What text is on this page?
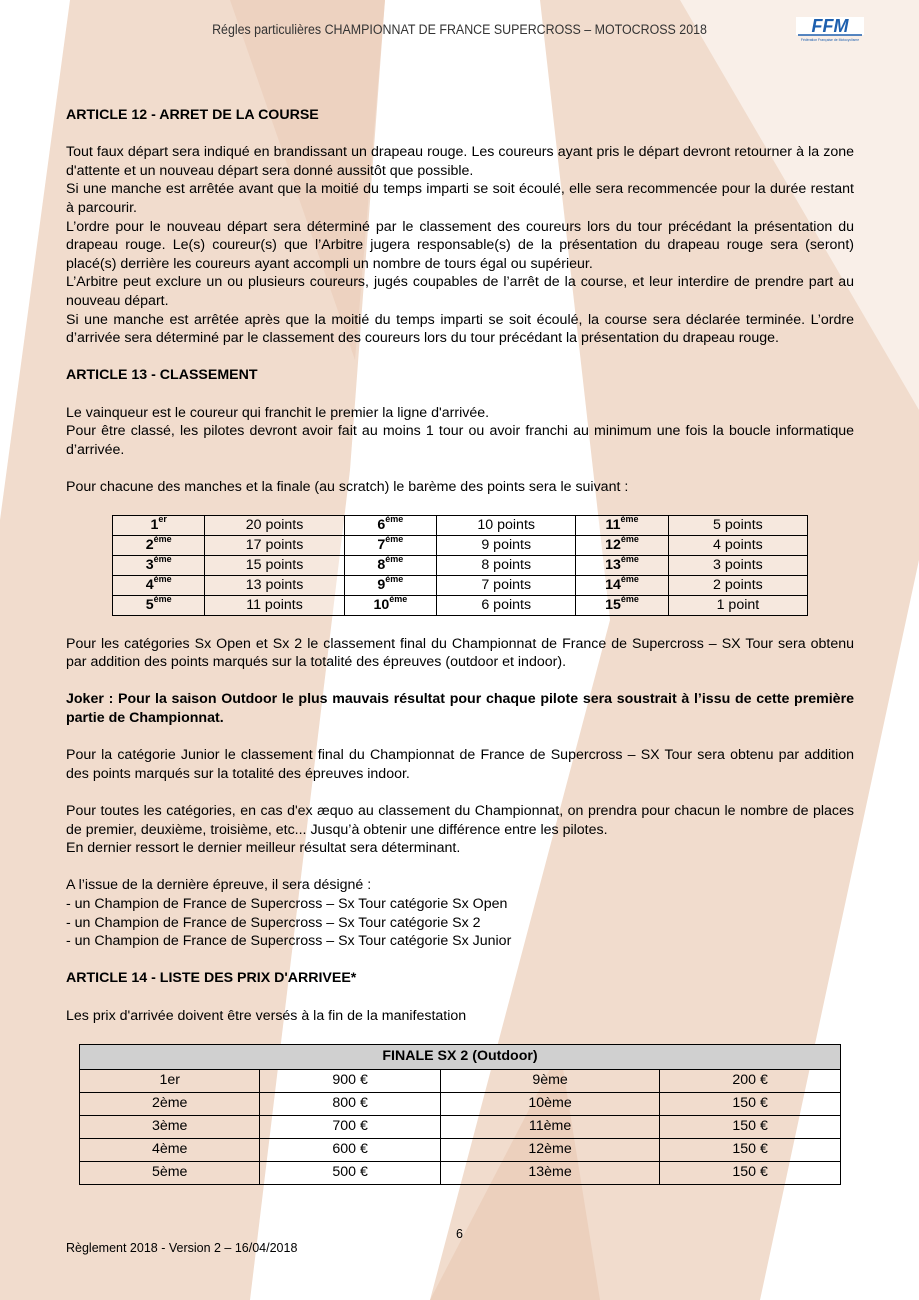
Régles particulières CHAMPIONNAT DE FRANCE SUPERCROSS – MOTOCROSS 2018	FFM
Fédération Française de Motocyclisme

ARTICLE 12 - ARRET DE LA COURSE

Tout faux départ sera indiqué en brandissant un drapeau rouge. Les coureurs ayant pris le départ devront retourner à la zone d'attente et un nouveau départ sera donné aussitôt que possible.

Si une manche est arrêtée avant que la moitié du temps imparti se soit écoulé, elle sera recommencée pour la durée restant à parcourir.

L’ordre pour le nouveau départ sera déterminé par le classement des coureurs lors du tour précédant la présentation du drapeau rouge. Le(s) coureur(s) que l’Arbitre jugera responsable(s) de la présentation du drapeau rouge sera (seront) placé(s) derrière les coureurs ayant accompli un nombre de tours égal ou supérieur.

L’Arbitre peut exclure un ou plusieurs coureurs, jugés coupables de l’arrêt de la course, et leur interdire de prendre part au nouveau départ.

Si une manche est arrêtée après que la moitié du temps imparti se soit écoulé, la course sera déclarée terminée. L’ordre d’arrivée sera déterminé par le classement des coureurs lors du tour précédant la présentation du drapeau rouge.

ARTICLE 13 - CLASSEMENT

Le vainqueur est le coureur qui franchit le premier la ligne d'arrivée.

Pour être classé, les pilotes devront avoir fait au moins 1 tour ou avoir franchi au minimum une fois la boucle informatique d’arrivée.

Pour chacune des manches et la finale (au scratch) le barème des points sera le suivant :

1er	20 points	6ème	10 points	11ème	5 points
2ème	17 points	7ème	9 points	12ème	4 points
3ème	15 points	8ème	8 points	13ème	3 points
4ème	13 points	9ème	7 points	14ème	2 points
5ème	11 points	10ème	6 points	15ème	1 point

Pour les catégories Sx Open et Sx 2 le classement final du Championnat de France de Supercross – SX Tour sera obtenu par addition des points marqués sur la totalité des épreuves (outdoor et indoor).

Joker : Pour la saison Outdoor le plus mauvais résultat pour chaque pilote sera soustrait à l’issu de cette première partie de Championnat.

Pour la catégorie Junior le classement final du Championnat de France de Supercross – SX Tour sera obtenu par addition des points marqués sur la totalité des épreuves indoor.

Pour toutes les catégories, en cas d'ex æquo au classement du Championnat, on prendra pour chacun le nombre de places de premier, deuxième, troisième, etc... Jusqu’à obtenir une différence entre les pilotes.

En dernier ressort le dernier meilleur résultat sera déterminant.

A l’issue de la dernière épreuve, il sera désigné :

- un Champion de France de Supercross – Sx Tour catégorie Sx Open

- un Champion de France de Supercross – Sx Tour catégorie Sx 2

- un Champion de France de Supercross – Sx Tour catégorie Sx Junior

ARTICLE 14 - LISTE DES PRIX D'ARRIVEE*

Les prix d'arrivée doivent être versés à la fin de la manifestation

FINALE SX 2 (Outdoor)			
1er	900 €	9ème	200 €
2ème	800 €	10ème	150 €
3ème	700 €	11ème	150 €
4ème	600 €	12ème	150 €
5ème	500 €	13ème	150 €
6
Règlement 2018 - Version 2 – 16/04/2018
